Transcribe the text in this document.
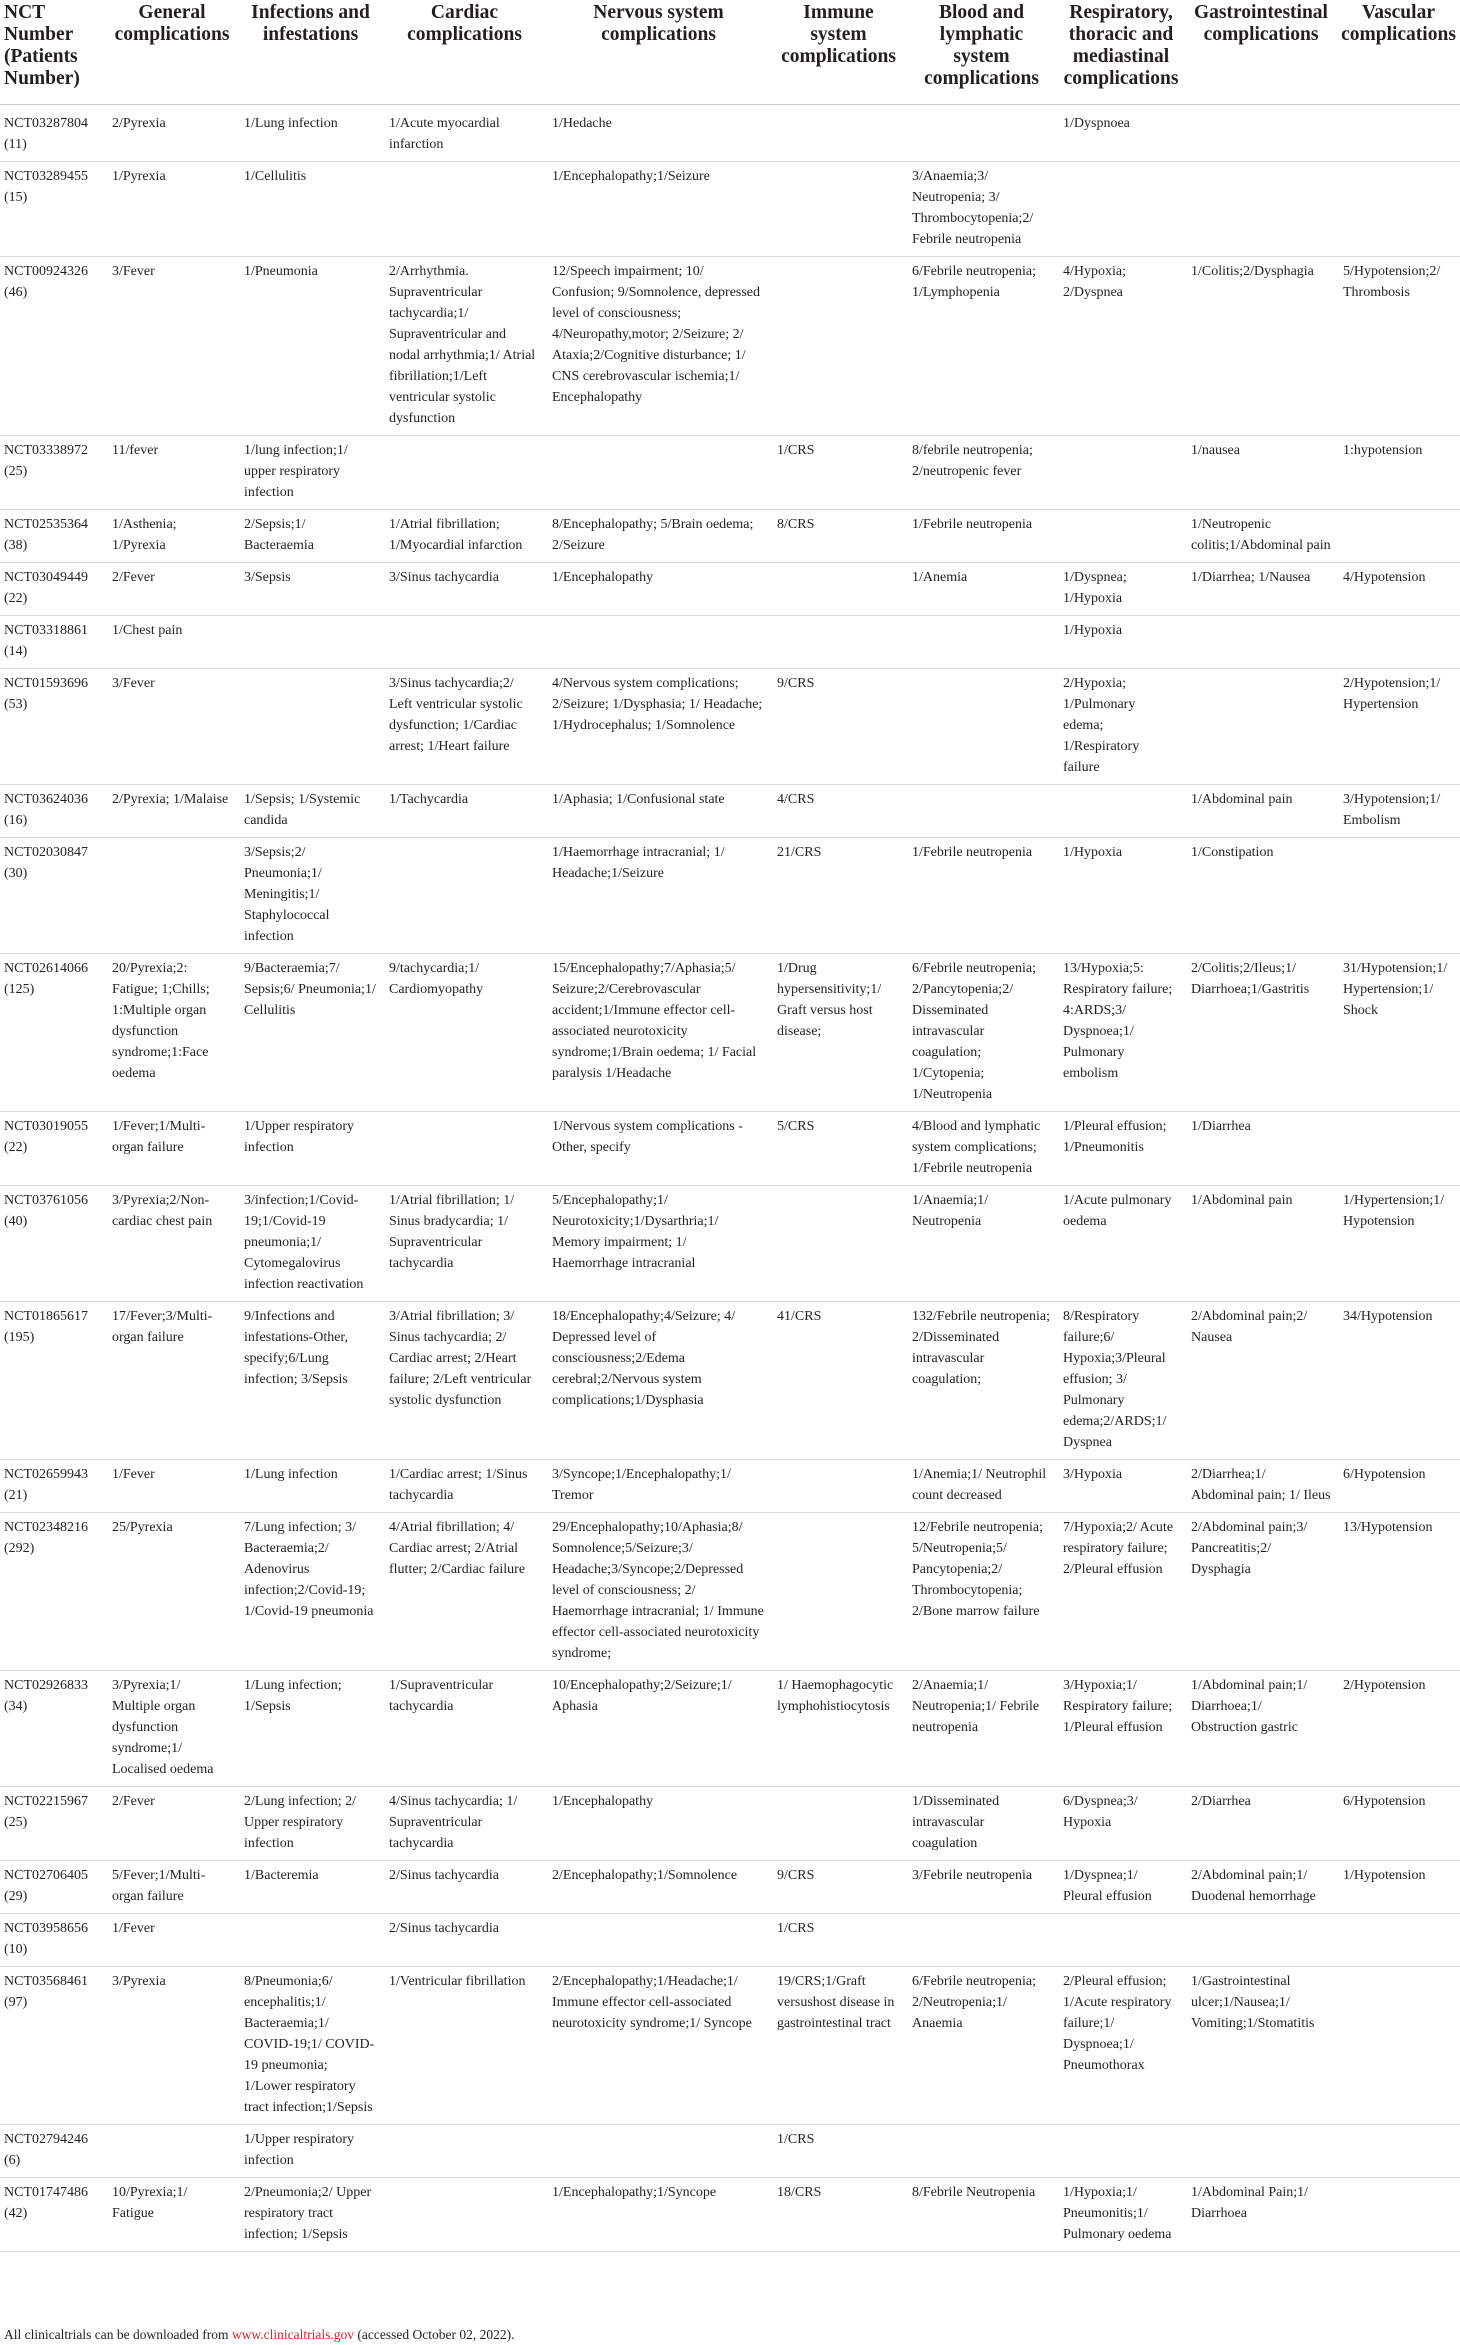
NCT Number (Patients Number)	General complications	Infections and infestations	Cardiac complications	Nervous system complications	Immune system complications	Blood and lymphatic system complications	Respiratory, thoracic and mediastinal complications	Gastrointestinal complications	Vascular complications
NCT03287804 (11)	2/Pyrexia	1/Lung infection	1/Acute myocardial infarction	1/Hedache			1/Dyspnoea		
NCT03289455 (15)	1/Pyrexia	1/Cellulitis		1/Encephalopathy;1/Seizure		3/Anaemia;3/ Neutropenia; 3/ Thrombocytopenia;2/ Febrile neutropenia			
NCT00924326 (46)	3/Fever	1/Pneumonia	2/Arrhythmia. Supraventricular tachycardia;1/ Supraventricular and nodal arrhythmia;1/ Atrial fibrillation;1/Left ventricular systolic dysfunction	12/Speech impairment; 10/ Confusion; 9/Somnolence, depressed level of consciousness; 4/Neuropathy,motor; 2/Seizure; 2/ Ataxia;2/Cognitive disturbance; 1/ CNS cerebrovascular ischemia;1/ Encephalopathy		6/Febrile neutropenia; 1/Lymphopenia	4/Hypoxia; 2/Dyspnea	1/Colitis;2/Dysphagia	5/Hypotension;2/ Thrombosis
NCT03338972 (25)	11/fever	1/lung infection;1/ upper respiratory infection			1/CRS	8/febrile neutropenia; 2/neutropenic fever		1/nausea	1:hypotension
NCT02535364 (38)	1/Asthenia; 1/Pyrexia	2/Sepsis;1/ Bacteraemia	1/Atrial fibrillation; 1/Myocardial infarction	8/Encephalopathy; 5/Brain oedema; 2/Seizure	8/CRS	1/Febrile neutropenia		1/Neutropenic colitis;1/Abdominal pain	
NCT03049449 (22)	2/Fever	3/Sepsis	3/Sinus tachycardia	1/Encephalopathy		1/Anemia	1/Dyspnea; 1/Hypoxia	1/Diarrhea; 1/Nausea	4/Hypotension
NCT03318861 (14)	1/Chest pain						1/Hypoxia		
NCT01593696 (53)	3/Fever		3/Sinus tachycardia;2/ Left ventricular systolic dysfunction; 1/Cardiac arrest; 1/Heart failure	4/Nervous system complications; 2/Seizure; 1/Dysphasia; 1/ Headache; 1/Hydrocephalus; 1/Somnolence	9/CRS		2/Hypoxia; 1/Pulmonary edema; 1/Respiratory failure		2/Hypotension;1/ Hypertension
NCT03624036 (16)	2/Pyrexia; 1/Malaise	1/Sepsis; 1/Systemic candida	1/Tachycardia	1/Aphasia; 1/Confusional state	4/CRS			1/Abdominal pain	3/Hypotension;1/ Embolism
NCT02030847 (30)		3/Sepsis;2/ Pneumonia;1/ Meningitis;1/ Staphylococcal infection		1/Haemorrhage intracranial; 1/ Headache;1/Seizure	21/CRS	1/Febrile neutropenia	1/Hypoxia	1/Constipation	
NCT02614066 (125)	20/Pyrexia;2: Fatigue; 1;Chills; 1:Multiple organ dysfunction syndrome;1:Face oedema	9/Bacteraemia;7/ Sepsis;6/ Pneumonia;1/ Cellulitis	9/tachycardia;1/ Cardiomyopathy	15/Encephalopathy;7/Aphasia;5/ Seizure;2/Cerebrovascular accident;1/Immune effector cell-associated neurotoxicity syndrome;1/Brain oedema; 1/ Facial paralysis 1/Headache	1/Drug hypersensitivity;1/ Graft versus host disease;	6/Febrile neutropenia; 2/Pancytopenia;2/ Disseminated intravascular coagulation; 1/Cytopenia; 1/Neutropenia	13/Hypoxia;5: Respiratory failure; 4:ARDS;3/ Dyspnoea;1/ Pulmonary embolism	2/Colitis;2/Ileus;1/ Diarrhoea;1/Gastritis	31/Hypotension;1/ Hypertension;1/ Shock
NCT03019055 (22)	1/Fever;1/Multi-organ failure	1/Upper respiratory infection		1/Nervous system complications - Other, specify	5/CRS	4/Blood and lymphatic system complications; 1/Febrile neutropenia	1/Pleural effusion; 1/Pneumonitis	1/Diarrhea	
NCT03761056 (40)	3/Pyrexia;2/Non-cardiac chest pain	3/infection;1/Covid-19;1/Covid-19 pneumonia;1/ Cytomegalovirus infection reactivation	1/Atrial fibrillation; 1/ Sinus bradycardia; 1/ Supraventricular tachycardia	5/Encephalopathy;1/ Neurotoxicity;1/Dysarthria;1/ Memory impairment; 1/ Haemorrhage intracranial		1/Anaemia;1/ Neutropenia	1/Acute pulmonary oedema	1/Abdominal pain	1/Hypertension;1/ Hypotension
NCT01865617 (195)	17/Fever;3/Multi-organ failure	9/Infections and infestations-Other, specify;6/Lung infection; 3/Sepsis	3/Atrial fibrillation; 3/ Sinus tachycardia; 2/ Cardiac arrest; 2/Heart failure; 2/Left ventricular systolic dysfunction	18/Encephalopathy;4/Seizure; 4/ Depressed level of consciousness;2/Edema cerebral;2/Nervous system complications;1/Dysphasia	41/CRS	132/Febrile neutropenia; 2/Disseminated intravascular coagulation;	8/Respiratory failure;6/ Hypoxia;3/Pleural effusion; 3/ Pulmonary edema;2/ARDS;1/ Dyspnea	2/Abdominal pain;2/ Nausea	34/Hypotension
NCT02659943 (21)	1/Fever	1/Lung infection	1/Cardiac arrest; 1/Sinus tachycardia	3/Syncope;1/Encephalopathy;1/ Tremor		1/Anemia;1/ Neutrophil count decreased	3/Hypoxia	2/Diarrhea;1/ Abdominal pain; 1/ Ileus	6/Hypotension
NCT02348216 (292)	25/Pyrexia	7/Lung infection; 3/ Bacteraemia;2/ Adenovirus infection;2/Covid-19; 1/Covid-19 pneumonia	4/Atrial fibrillation; 4/ Cardiac arrest; 2/Atrial flutter; 2/Cardiac failure	29/Encephalopathy;10/Aphasia;8/ Somnolence;5/Seizure;3/ Headache;3/Syncope;2/Depressed level of consciousness; 2/ Haemorrhage intracranial; 1/ Immune effector cell-associated neurotoxicity syndrome;		12/Febrile neutropenia; 5/Neutropenia;5/ Pancytopenia;2/ Thrombocytopenia; 2/Bone marrow failure	7/Hypoxia;2/ Acute respiratory failure; 2/Pleural effusion	2/Abdominal pain;3/ Pancreatitis;2/ Dysphagia	13/Hypotension
NCT02926833 (34)	3/Pyrexia;1/ Multiple organ dysfunction syndrome;1/ Localised oedema	1/Lung infection; 1/Sepsis	1/Supraventricular tachycardia	10/Encephalopathy;2/Seizure;1/ Aphasia	1/ Haemophagocytic lymphohistiocytosis	2/Anaemia;1/ Neutropenia;1/ Febrile neutropenia	3/Hypoxia;1/ Respiratory failure; 1/Pleural effusion	1/Abdominal pain;1/ Diarrhoea;1/ Obstruction gastric	2/Hypotension
NCT02215967 (25)	2/Fever	2/Lung infection; 2/ Upper respiratory infection	4/Sinus tachycardia; 1/ Supraventricular tachycardia	1/Encephalopathy		1/Disseminated intravascular coagulation	6/Dyspnea;3/ Hypoxia	2/Diarrhea	6/Hypotension
NCT02706405 (29)	5/Fever;1/Multi-organ failure	1/Bacteremia	2/Sinus tachycardia	2/Encephalopathy;1/Somnolence	9/CRS	3/Febrile neutropenia	1/Dyspnea;1/ Pleural effusion	2/Abdominal pain;1/ Duodenal hemorrhage	1/Hypotension
NCT03958656 (10)	1/Fever		2/Sinus tachycardia		1/CRS				
NCT03568461 (97)	3/Pyrexia	8/Pneumonia;6/ encephalitis;1/ Bacteraemia;1/ COVID-19;1/ COVID-19 pneumonia; 1/Lower respiratory tract infection;1/Sepsis	1/Ventricular fibrillation	2/Encephalopathy;1/Headache;1/ Immune effector cell-associated neurotoxicity syndrome;1/ Syncope	19/CRS;1/Graft versushost disease in gastrointestinal tract	6/Febrile neutropenia; 2/Neutropenia;1/ Anaemia	2/Pleural effusion; 1/Acute respiratory failure;1/ Dyspnoea;1/ Pneumothorax	1/Gastrointestinal ulcer;1/Nausea;1/ Vomiting;1/Stomatitis	
NCT02794246 (6)		1/Upper respiratory infection			1/CRS				
NCT01747486 (42)	10/Pyrexia;1/ Fatigue	2/Pneumonia;2/ Upper respiratory tract infection; 1/Sepsis		1/Encephalopathy;1/Syncope	18/CRS	8/Febrile Neutropenia	1/Hypoxia;1/ Pneumonitis;1/ Pulmonary oedema	1/Abdominal Pain;1/ Diarrhoea	
All clinicaltrials can be downloaded from www.clinicaltrials.gov (accessed October 02, 2022).
